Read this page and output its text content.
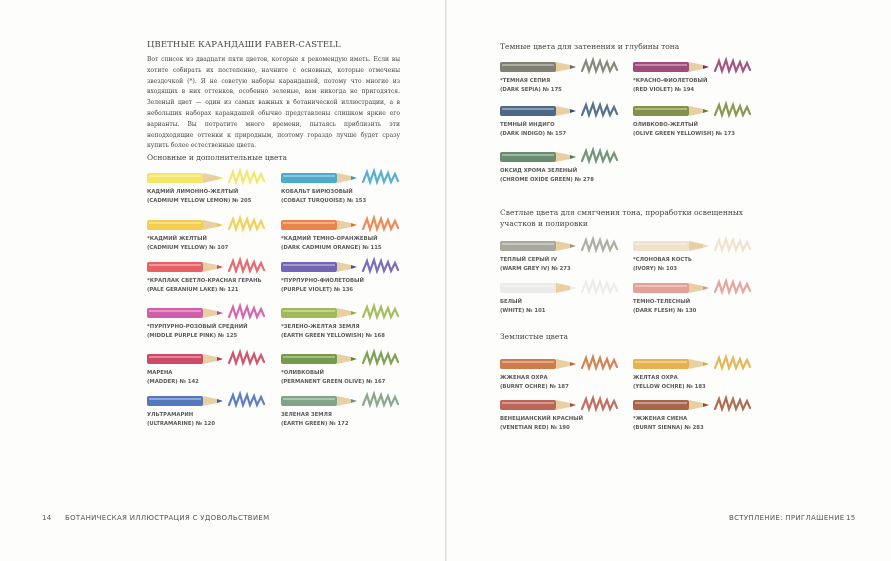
ЦВЕТНЫЕ КАРАНДАШИ FABER-CASTELL

Вот список из двадцати пяти цветов, которые я рекомендую иметь. Если вы хотите собирать их постепенно, начните с основных, которые отмечены звездочкой (*). Я не советую наборы карандашей, потому что многие из входящих в них оттенков, особенно зеленые, вам никогда не пригодятся. Зеленый цвет — один из самых важных в ботанической иллюстрации, а в небольших наборах карандашей обычно представлены слишком яркие его варианты. Вы потратите много времени, пытаясь приблизить эти неподходящие оттенки к природным, поэтому гораздо лучше будет сразу купить более естественные цвета.

Основные и дополнительные цвета

КАДМИЙ ЛИМОННО-ЖЕЛТЫЙ
(CADMIUM YELLOW LEMON) № 205
КОБАЛЬТ БИРЮЗОВЫЙ
(COBALT TURQUOISE) № 153
*КАДМИЙ ЖЕЛТЫЙ
(CADMIUM YELLOW) № 107
*КАДМИЙ ТЕМНО-ОРАНЖЕВЫЙ
(DARK CADMIUM ORANGE) № 115
*КРАПЛАК СВЕТЛО-КРАСНАЯ ГЕРАНЬ
(PALE GERANIUM LAKE) № 121
*ПУРПУРНО-ФИОЛЕТОВЫЙ
(PURPLE VIOLET) № 136
*ПУРПУРНО-РОЗОВЫЙ СРЕДНИЙ
(MIDDLE PURPLE PINK) № 125
*ЗЕЛЕНО-ЖЕЛТАЯ ЗЕМЛЯ
(EARTH GREEN YELLOWISH) № 168
МАРЕНА
(MADDER) № 142
*ОЛИВКОВЫЙ
(PERMANENT GREEN OLIVE) № 167
УЛЬТРАМАРИН
(ULTRAMARINE) № 120
ЗЕЛЕНАЯ ЗЕМЛЯ
(EARTH GREEN) № 172
14 БОТАНИЧЕСКАЯ ИЛЛЮСТРАЦИЯ С УДОВОЛЬСТВИЕМ

Темные цвета для затенения и глубины тона

Светлые цвета для смягчения тона, проработки освещенных участков и полировки

Землистые цвета

*ТЕМНАЯ СЕПИЯ
(DARK SEPIA) № 175
*КРАСНО-ФИОЛЕТОВЫЙ
(RED VIOLET) № 194
ТЕМНЫЙ ИНДИГО
(DARK INDIGO) № 157
ОЛИВКОВО-ЖЕЛТЫЙ
(OLIVE GREEN YELLOWISH) № 173
ОКСИД ХРОМА ЗЕЛЕНЫЙ
(CHROME OXIDE GREEN) № 278
ТЕПЛЫЙ СЕРЫЙ IV
(WARM GREY IV) № 273
*СЛОНОВАЯ КОСТЬ
(IVORY) № 103
БЕЛЫЙ
(WHITE) № 101
ТЕМНО-ТЕЛЕСНЫЙ
(DARK FLESH) № 130
ЖЖЕНАЯ ОХРА
(BURNT OCHRE) № 187
ЖЕЛТАЯ ОХРА
(YELLOW OCHRE) № 183
ВЕНЕЦИАНСКИЙ КРАСНЫЙ
(VENETIAN RED) № 190
*ЖЖЕНАЯ СИЕНА
(BURNT SIENNA) № 283
ВСТУПЛЕНИЕ: ПРИГЛАШЕНИЕ 15
